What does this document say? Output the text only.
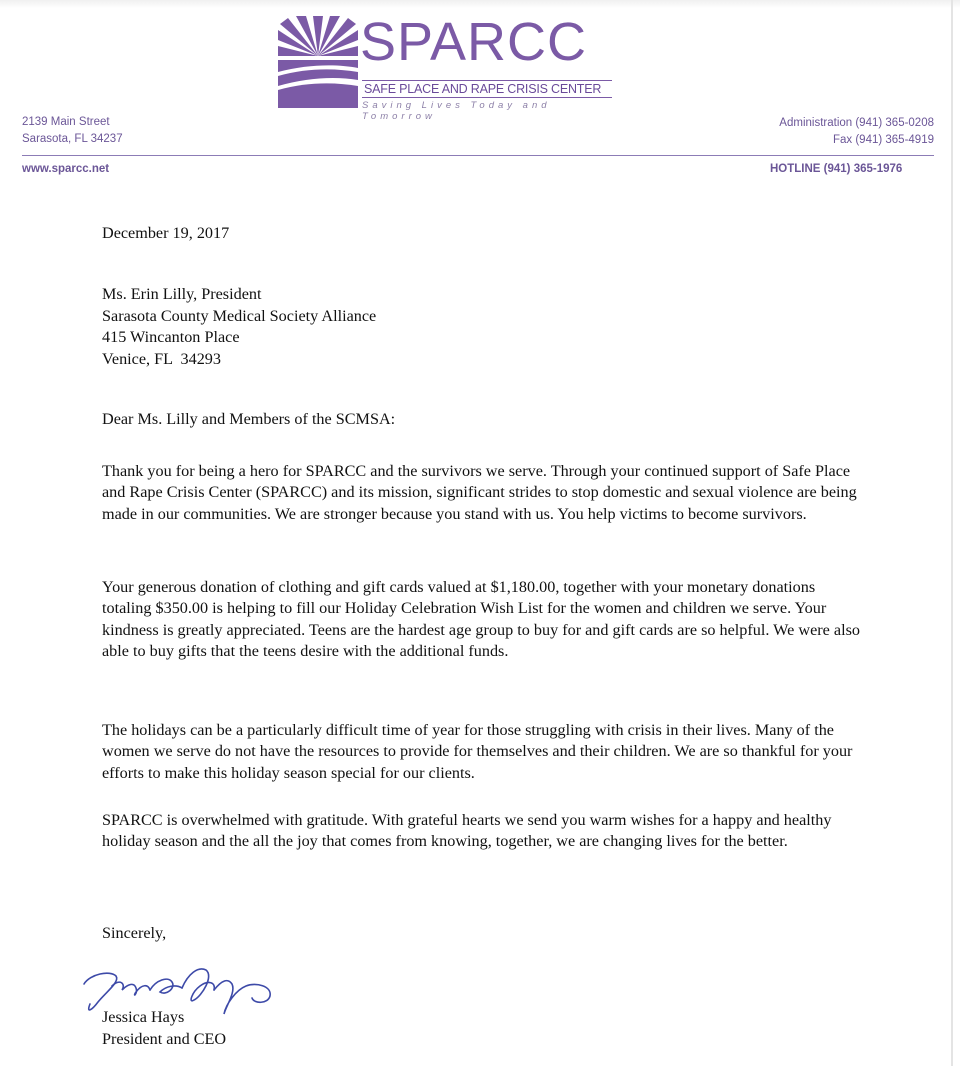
SPARCC
SAFE PLACE AND RAPE CRISIS CENTER
Saving Lives Today and Tomorrow
2139 Main Street
Sarasota, FL 34237
Administration (941) 365-0208
Fax (941) 365-4919
www.sparcc.net	HOTLINE (941) 365-1976
December 19, 2017
Ms. Erin Lilly, President
Sarasota County Medical Society Alliance
415 Wincanton Place
Venice, FL  34293
Dear Ms. Lilly and Members of the SCMSA:

Thank you for being a hero for SPARCC and the survivors we serve. Through your continued support of Safe Place and Rape Crisis Center (SPARCC) and its mission, significant strides to stop domestic and sexual violence are being made in our communities. We are stronger because you stand with us. You help victims to become survivors.

Your generous donation of clothing and gift cards valued at $1,180.00, together with your monetary donations totaling $350.00 is helping to fill our Holiday Celebration Wish List for the women and children we serve. Your kindness is greatly appreciated. Teens are the hardest age group to buy for and gift cards are so helpful. We were also able to buy gifts that the teens desire with the additional funds.

The holidays can be a particularly difficult time of year for those struggling with crisis in their lives. Many of the women we serve do not have the resources to provide for themselves and their children. We are so thankful for your efforts to make this holiday season special for our clients.

SPARCC is overwhelmed with gratitude. With grateful hearts we send you warm wishes for a happy and healthy holiday season and the all the joy that comes from knowing, together, we are changing lives for the better.

Sincerely,
Jessica Hays
President and CEO
